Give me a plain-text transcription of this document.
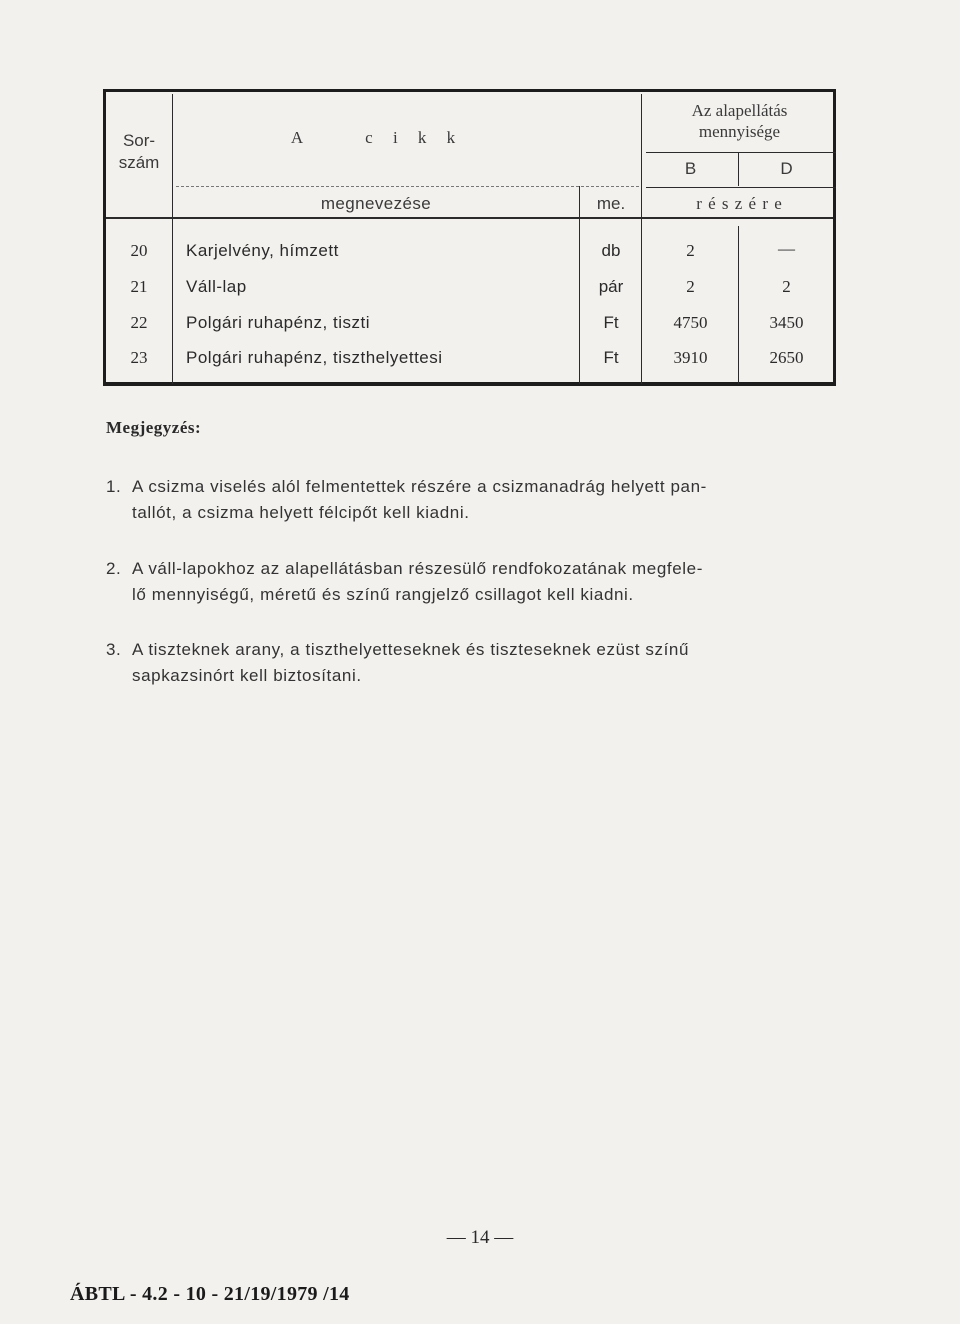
Sor-
szám
A    c i k k
megnevezése	me.
Az alapellátás
mennyisége
B	D
r é s z é r e
20	Karjelvény, hímzett	db	2	—
21	Váll-lap	pár	2	2
22	Polgári ruhapénz, tiszti	Ft	4750	3450
23	Polgári ruhapénz, tiszthelyettesi	Ft	3910	2650
Megjegyzés:
1. A csizma viselés alól felmentettek részére a csizmanadrág helyett pan-
tallót, a csizma helyett félcipőt kell kiadni.
2. A váll-lapokhoz az alapellátásban részesülő rendfokozatának megfele-
lő mennyiségű, méretű és színű rangjelző csillagot kell kiadni.
3. A tiszteknek arany, a tiszthelyetteseknek és tiszteseknek ezüst színű
sapkazsinórt kell biztosítani.
— 14 —
ÁBTL - 4.2 - 10 - 21/19/1979 /14
